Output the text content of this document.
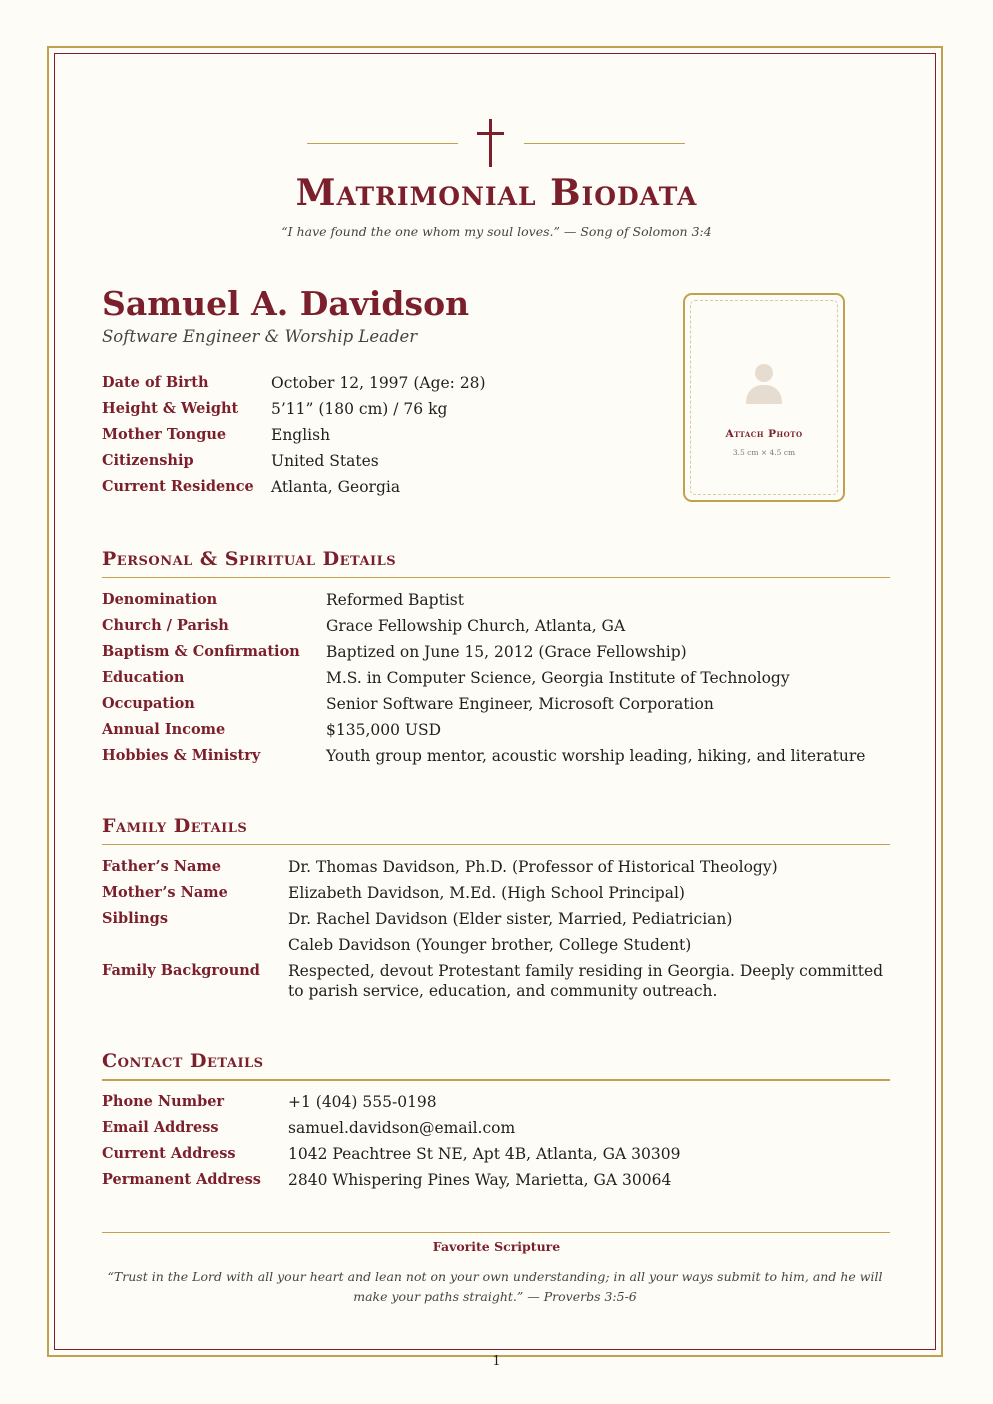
Matrimonial Biodata
“I have found the one whom my soul loves.” — Song of Solomon 3:4
Samuel A. Davidson
Software Engineer & Worship Leader
Date of Birth	October 12, 1997 (Age: 28)
Height & Weight	5’11” (180 cm) / 76 kg
Mother Tongue	English
Citizenship	United States
Current Residence	Atlanta, Georgia
Attach Photo
3.5 cm × 4.5 cm
Personal & Spiritual Details
Denomination	Reformed Baptist
Church / Parish	Grace Fellowship Church, Atlanta, GA
Baptism & Confirmation	Baptized on June 15, 2012 (Grace Fellowship)
Education	M.S. in Computer Science, Georgia Institute of Technology
Occupation	Senior Software Engineer, Microsoft Corporation
Annual Income	$135,000 USD
Hobbies & Ministry	Youth group mentor, acoustic worship leading, hiking, and literature
Family Details
Father’s Name	Dr. Thomas Davidson, Ph.D. (Professor of Historical Theology)
Mother’s Name	Elizabeth Davidson, M.Ed. (High School Principal)
Siblings	Dr. Rachel Davidson (Elder sister, Married, Pediatrician)
Caleb Davidson (Younger brother, College Student)
Family Background	Respected, devout Protestant family residing in Georgia. Deeply committed to parish service, education, and community outreach.
Contact Details
Phone Number	+1 (404) 555-0198
Email Address	samuel.davidson@email.com
Current Address	1042 Peachtree St NE, Apt 4B, Atlanta, GA 30309
Permanent Address	2840 Whispering Pines Way, Marietta, GA 30064
Favorite Scripture
“Trust in the Lord with all your heart and lean not on your own understanding; in all your ways submit to him, and he will make your paths straight.” — Proverbs 3:5-6
1
